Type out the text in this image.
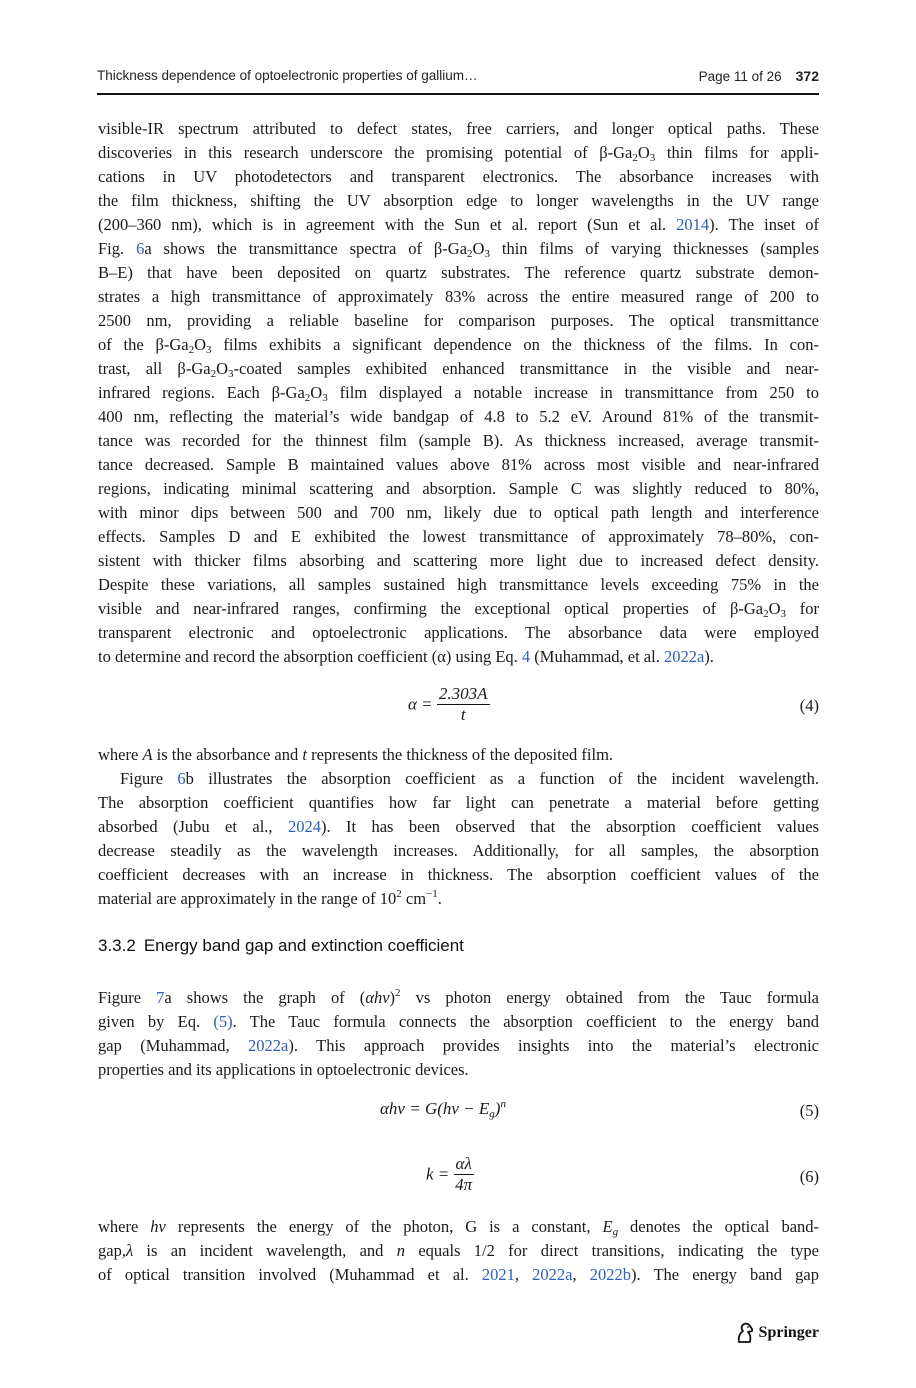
Thickness dependence of optoelectronic properties of gallium…	Page 11 of 26 372
visible-IR spectrum attributed to defect states, free carriers, and longer optical paths. These
discoveries in this research underscore the promising potential of $\beta-Ga_2O_3$ thin films for appli-
cations in UV photodetectors and transparent electronics. The absorbance increases with
the film thickness, shifting the UV absorption edge to longer wavelengths in the UV range
(200–360 nm), which is in agreement with the Sun et al. report (Sun et al. 2014). The inset of
Fig. 6a shows the transmittance spectra of $\beta-Ga_2O_3$ thin films of varying thicknesses (samples
B–E) that have been deposited on quartz substrates. The reference quartz substrate demon-
strates a high transmittance of approximately 83% across the entire measured range of 200 to
2500 nm, providing a reliable baseline for comparison purposes. The optical transmittance
of the $\beta-Ga_2O_3$ films exhibits a significant dependence on the thickness of the films. In con-
trast, all $\beta-Ga_2O_3$-coated samples exhibited enhanced transmittance in the visible and near-
infrared regions. Each $\beta-Ga_2O_3$ film displayed a notable increase in transmittance from 250 to
400 nm, reflecting the material’s wide bandgap of 4.8 to 5.2 eV. Around 81% of the transmit-
tance was recorded for the thinnest film (sample B). As thickness increased, average transmit-
tance decreased. Sample B maintained values above 81% across most visible and near-infrared
regions, indicating minimal scattering and absorption. Sample C was slightly reduced to 80%,
with minor dips between 500 and 700 nm, likely due to optical path length and interference
effects. Samples D and E exhibited the lowest transmittance of approximately 78–80%, con-
sistent with thicker films absorbing and scattering more light due to increased defect density.
Despite these variations, all samples sustained high transmittance levels exceeding 75% in the
visible and near-infrared ranges, confirming the exceptional optical properties of $\beta-Ga_2O_3$ for
transparent electronic and optoelectronic applications. The absorbance data were employed
to determine and record the absorption coefficient (α) using Eq. 4 (Muhammad, et al. 2022a).
$\alpha = \frac{2.303A}{t}$	(4)
where A is the absorbance and t represents the thickness of the deposited film.
Figure 6b illustrates the absorption coefficient as a function of the incident wavelength.
The absorption coefficient quantifies how far light can penetrate a material before getting
absorbed (Jubu et al., 2024). It has been observed that the absorption coefficient values
decrease steadily as the wavelength increases. Additionally, for all samples, the absorption
coefficient decreases with an increase in thickness. The absorption coefficient values of the
material are approximately in the range of $10^2$ $cm^{-1}$.
3.3.2 Energy band gap and extinction coefficient
Figure 7a shows the graph of $(\alpha h\nu)^2$ vs photon energy obtained from the Tauc formula
given by Eq. (5). The Tauc formula connects the absorption coefficient to the energy band
gap (Muhammad, 2022a). This approach provides insights into the material’s electronic
properties and its applications in optoelectronic devices.
$\alpha h\nu = G(h\nu - E_g)^n$	(5)
$k = \frac{\alpha\lambda}{4\pi}$	(6)
where hν represents the energy of the photon, G is a constant, $E_g$ denotes the optical band-
gap,λ is an incident wavelength, and n equals 1/2 for direct transitions, indicating the type
of optical transition involved (Muhammad et al. 2021, 2022a, 2022b). The energy band gap
Springer
